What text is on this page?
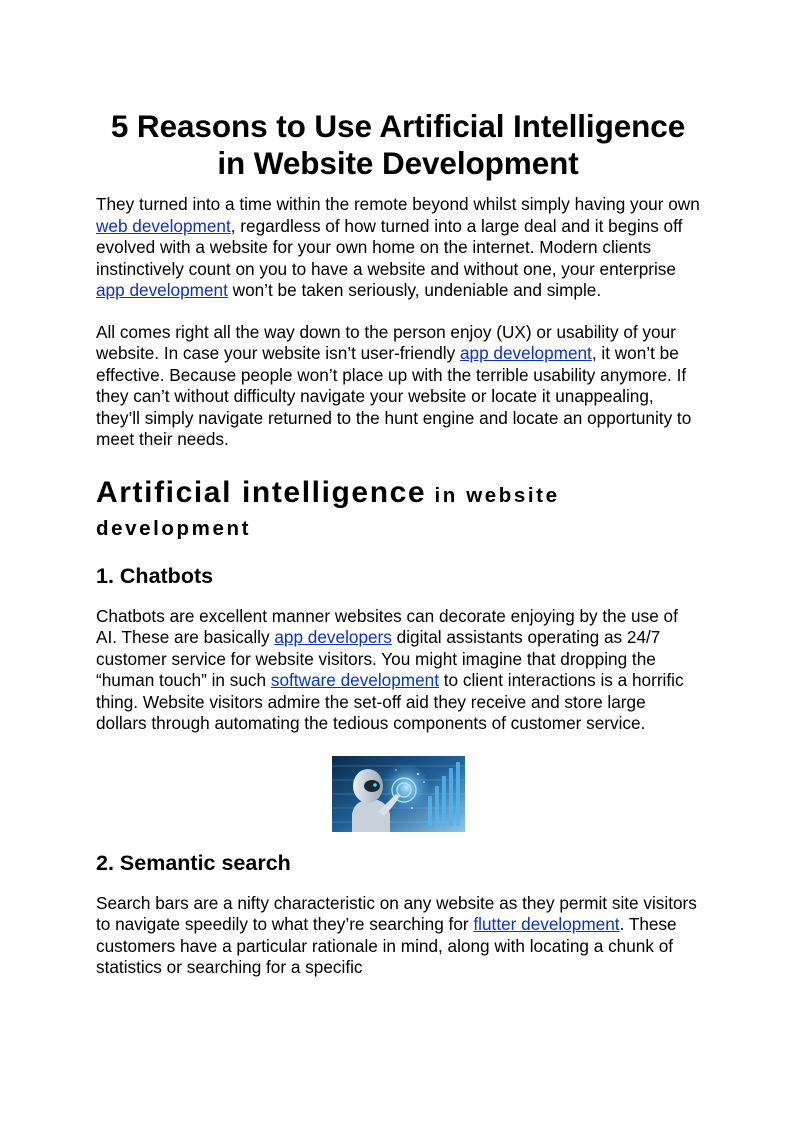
5 Reasons to Use Artificial Intelligence in Website Development

They turned into a time within the remote beyond whilst simply having your own web development, regardless of how turned into a large deal and it begins off evolved with a website for your own home on the internet. Modern clients instinctively count on you to have a website and without one, your enterprise app development won’t be taken seriously, undeniable and simple.

All comes right all the way down to the person enjoy (UX) or usability of your website. In case your website isn’t user-friendly app development, it won’t be effective. Because people won’t place up with the terrible usability anymore. If they can’t without difficulty navigate your website or locate it unappealing, they’ll simply navigate returned to the hunt engine and locate an opportunity to meet their needs.

Artificial intelligence in website development
1. Chatbots

Chatbots are excellent manner websites can decorate enjoying by the use of AI. These are basically app developers digital assistants operating as 24/7 customer service for website visitors. You might imagine that dropping the “human touch” in such software development to client interactions is a horrific thing. Website visitors admire the set-off aid they receive and store large dollars through automating the tedious components of customer service.

2. Semantic search

Search bars are a nifty characteristic on any website as they permit site visitors to navigate speedily to what they’re searching for flutter development. These customers have a particular rationale in mind, along with locating a chunk of statistics or searching for a specific
